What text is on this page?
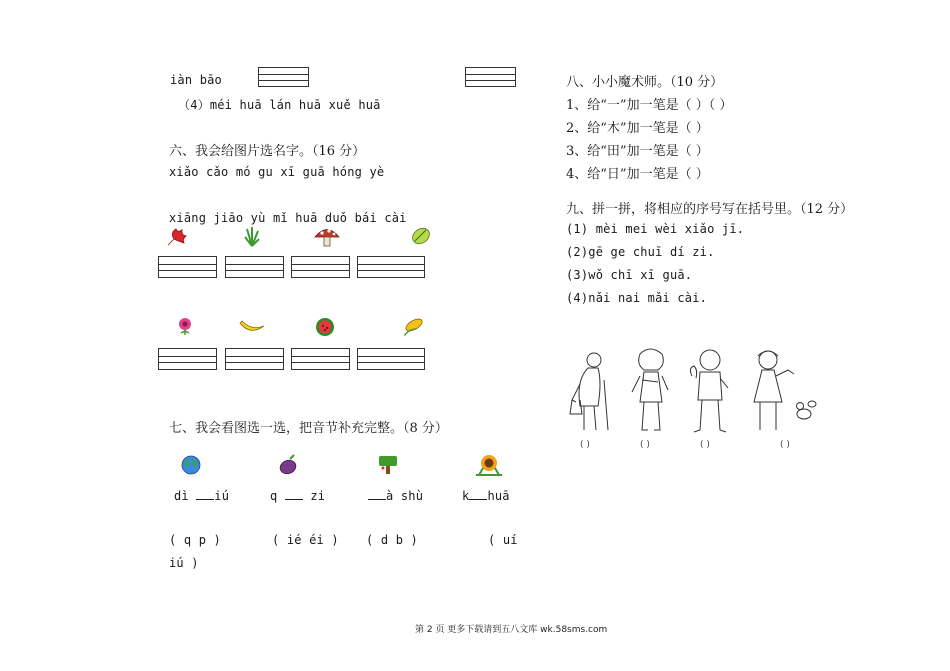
iàn bāo
（4）méi huā lán huā xuě huā
六、我会给图片选名字。（16 分）
xiǎo cǎo mó gu xī guā hóng yè
xiāng jiāo yù mǐ huā duǒ bái cài
七、我会看图选一选，把音节补充完整。（8 分）
dì iú	q	zi	à shù	k huā
( q p )	( ié éi ) ( d b )	( uí
iú )
八、小小魔术师。（10 分）
1、给“一”加一笔是（ ）（ ）
2、给“木”加一笔是（ ）
3、给“田”加一笔是（ ）
4、给“日”加一笔是（ ）
九、拼一拼，将相应的序号写在括号里。（12 分）
(1) mèi mei wèi xiǎo jī.
(2)gē ge chuī dí zi.
(3)wǒ chī xī guā.
(4)nǎi nai mǎi cài.
( )	( )	( )	( )
第 2 页 更多下载请到五八文库 wk.58sms.com
